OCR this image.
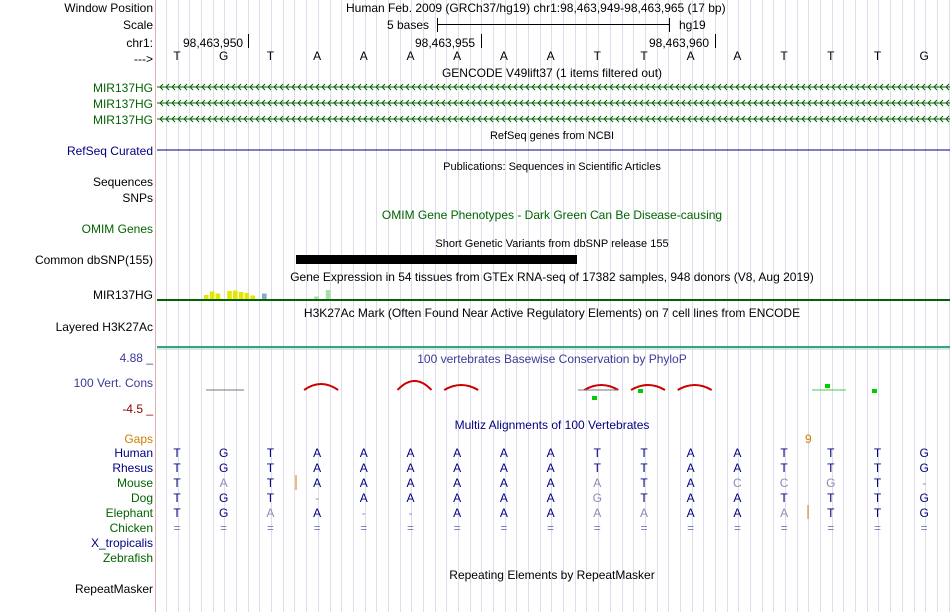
Window Position	Human Feb. 2009 (GRCh37/hg19) chr1:98,463,949-98,463,965 (17 bp)
Scale	5 bases	hg19
chr1:	98,463,950	98,463,955	98,463,960
---> T	G	T	A	A	A	A	A	A	T	T	A	A	T	T	T	G
GENCODE V49lift37 (1 items filtered out)
MIR137HG
MIR137HG
MIR137HG
RefSeq genes from NCBI
RefSeq Curated
Publications: Sequences in Scientific Articles
Sequences
SNPs
OMIM Gene Phenotypes - Dark Green Can Be Disease-causing
OMIM Genes
Short Genetic Variants from dbSNP release 155
Common dbSNP(155)
Gene Expression in 54 tissues from GTEx RNA-seq of 17382 samples, 948 donors (V8, Aug 2019)
MIR137HG
H3K27Ac Mark (Often Found Near Active Regulatory Elements) on 7 cell lines from ENCODE
Layered H3K27Ac
4.88 _	100 vertebrates Basewise Conservation by PhyloP
100 Vert. Cons
-4.5 _
Multiz Alignments of 100 Vertebrates
Gaps	9
Human T	G	T	A	A	A	A	A	A	T	T	A	A	T	T	T	G
Rhesus T	G	T	A	A	A	A	A	A	T	T	A	A	T	T	T	G
Mouse T	A	T	A	A	A	A	A	A	A	T	A	C	C	G	T	-
Dog T	G	T	-	A	A	A	A	A	G	T	A	A	T	T	T	G
Elephant T	G	A	A	-	-	A	A	A	A	A	A	A	A	T	T	G
Chicken =	=	=	=	=	=	=	=	=	=	=	=	=	=	=	=	=
X_tropicalis
Zebrafish
Repeating Elements by RepeatMasker
RepeatMasker
